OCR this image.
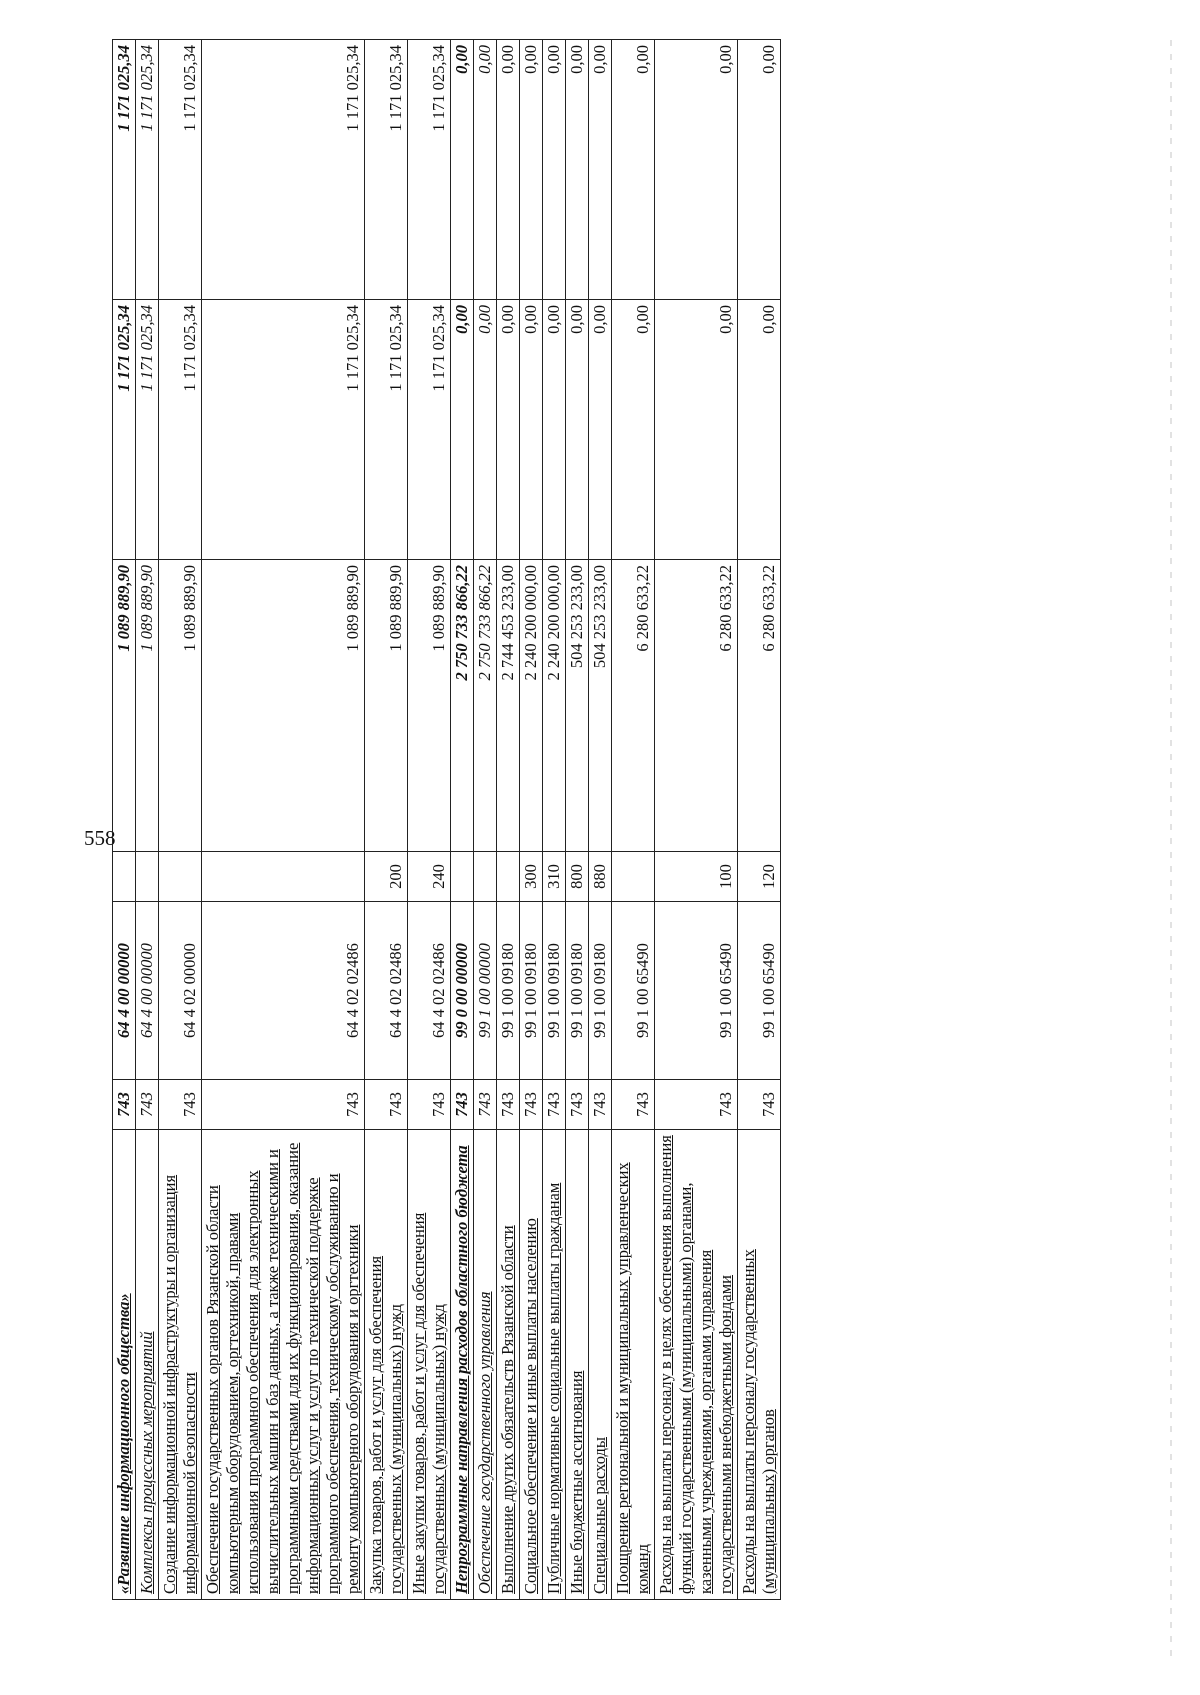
558
«Развитие информационного общества»	743	64 4 00 00000		1 089 889,90	1 171 025,34	1 171 025,34
Комплексы процессных мероприятий	743	64 4 00 00000		1 089 889,90	1 171 025,34	1 171 025,34
Создание информационной инфраструктуры и организация информационной безопасности	743	64 4 02 00000		1 089 889,90	1 171 025,34	1 171 025,34
Обеспечение государственных органов Рязанской области компьютерным оборудованием, оргтехникой, правами использования программного обеспечения для электронных вычислительных машин и баз данных, а также техническими и программными средствами для их функционирования, оказание информационных услуг и услуг по технической поддержке программного обеспечения, техническому обслуживанию и ремонту компьютерного оборудования и оргтехники	743	64 4 02 02486		1 089 889,90	1 171 025,34	1 171 025,34
Закупка товаров, работ и услуг для обеспечения государственных (муниципальных) нужд	743	64 4 02 02486	200	1 089 889,90	1 171 025,34	1 171 025,34
Иные закупки товаров, работ и услуг для обеспечения государственных (муниципальных) нужд	743	64 4 02 02486	240	1 089 889,90	1 171 025,34	1 171 025,34
Непрограммные направления расходов областного бюджета	743	99 0 00 00000		2 750 733 866,22	0,00	0,00
Обеспечение государственного управления	743	99 1 00 00000		2 750 733 866,22	0,00	0,00
Выполнение других обязательств Рязанской области	743	99 1 00 09180		2 744 453 233,00	0,00	0,00
Социальное обеспечение и иные выплаты населению	743	99 1 00 09180	300	2 240 200 000,00	0,00	0,00
Публичные нормативные социальные выплаты гражданам	743	99 1 00 09180	310	2 240 200 000,00	0,00	0,00
Иные бюджетные ассигнования	743	99 1 00 09180	800	504 253 233,00	0,00	0,00
Специальные расходы	743	99 1 00 09180	880	504 253 233,00	0,00	0,00
Поощрение региональной и муниципальных управленческих команд	743	99 1 00 65490		6 280 633,22	0,00	0,00
Расходы на выплаты персоналу в целях обеспечения выполнения функций государственными (муниципальными) органами, казенными учреждениями, органами управления государственными внебюджетными фондами	743	99 1 00 65490	100	6 280 633,22	0,00	0,00
Расходы на выплаты персоналу государственных (муниципальных) органов	743	99 1 00 65490	120	6 280 633,22	0,00	0,00
